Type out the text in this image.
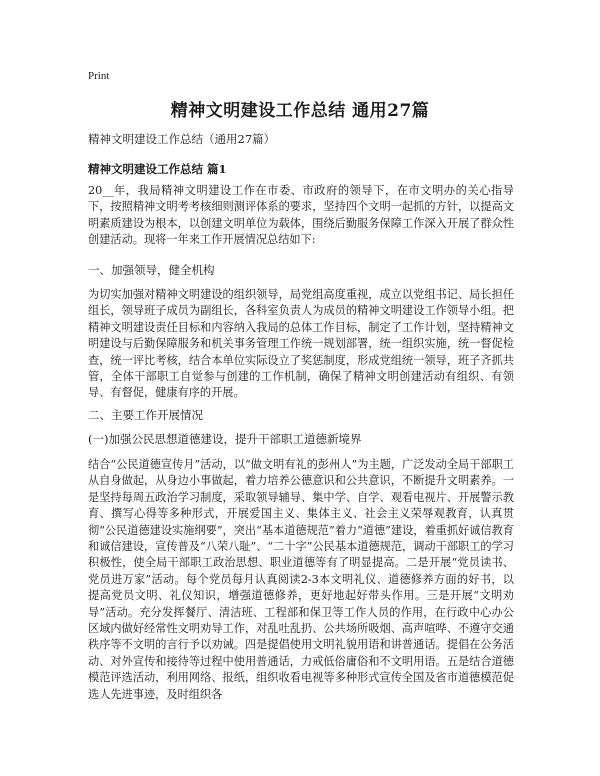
Print
精神文明建设工作总结 通用27篇
精神文明建设工作总结（通用27篇）
精神文明建设工作总结 篇1
20__年，我局精神文明建设工作在市委、市政府的领导下，在市文明办的关心指导下，按照精神文明考考核细则测评体系的要求，坚持四个文明一起抓的方针，以提高文明素质建设为根本，以创建文明单位为载体，围绕后勤服务保障工作深入开展了群众性创建活动。现将一年来工作开展情况总结如下:
一、加强领导，健全机构
为切实加强对精神文明建设的组织领导，局党组高度重视，成立以党组书记、局长担任组长，领导班子成员为副组长，各科室负责人为成员的精神文明建设工作领导小组。把精神文明建设责任目标和内容纳入我局的总体工作目标，制定了工作计划，坚持精神文明建设与后勤保障服务和机关事务管理工作统一规划部署，统一组织实施，统一督促检查，统一评比考核，结合本单位实际设立了奖惩制度，形成党组统一领导，班子齐抓共管，全体干部职工自觉参与创建的工作机制，确保了精神文明创建活动有组织、有领导、有督促，健康有序的开展。
二、主要工作开展情况
(一)加强公民思想道德建设，提升干部职工道德新境界
结合“公民道德宣传月”活动，以“做文明有礼的彭州人”为主题，广泛发动全局干部职工从自身做起，从身边小事做起，着力培养公德意识和公共意识，不断提升文明素养。一是坚持每周五政治学习制度，采取领导辅导、集中学、自学、观看电视片、开展警示教育、撰写心得等多种形式，开展爱国主义、集体主义、社会主义荣辱观教育，认真贯彻“公民道德建设实施纲要”，突出“基本道德规范”着力“道德”建设，着重抓好诚信教育和诚信建设，宣传普及“八荣八耻”、“二十字”公民基本道德规范，调动干部职工的学习积极性，使全局干部职工政治思想、职业道德等有了明显提高。二是开展“党员读书、党员进万家”活动。每个党员每月认真阅读2-3本文明礼仪、道德修养方面的好书，以提高党员文明、礼仪知识，增强道德修养，更好地起好带头作用。三是开展“文明劝导”活动。充分发挥餐厅、清洁班、工程部和保卫等工作人员的作用，在行政中心办公区域内做好经常性文明劝导工作，对乱吐乱扔、公共场所吸烟、高声喧哗、不遵守交通秩序等不文明的言行予以劝诫。四是提倡使用文明礼貌用语和讲普通话。提倡在公务活动、对外宣传和接待等过程中使用普通话，力戒低俗庸俗和不文明用语。五是结合道德模范评选活动，利用网络、报纸，组织收看电视等多种形式宣传全国及省市道德模范促选人先进事迹，及时组织各
